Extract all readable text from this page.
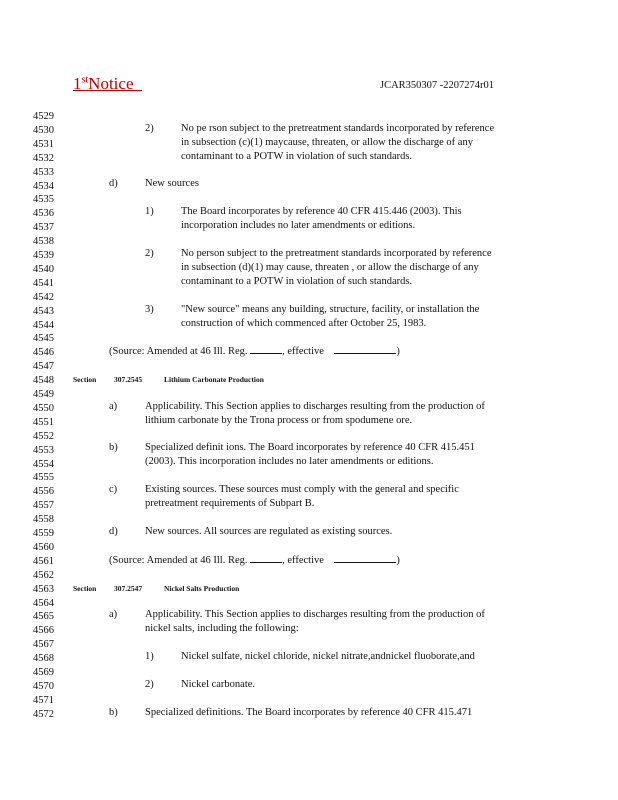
1stNotice	JCAR350307 -2207274r01
4529
4530
4531
4532
4533
4534
4535
4536
4537
4538
4539
4540
4541
4542
4543
4544
4545
4546
4547
4548
4549
4550
4551
4552
4553
4554
4555
4556
4557
4558
4559
4560
4561
4562
4563
4564
4565
4566
4567
4568
4569
4570
4571
4572
2)	No pe rson subject to the pretreatment standards incorporated by reference
in subsection (c)(1) maycause, threaten, or allow the discharge of any
contaminant to a POTW in violation of such standards.
d)	New sources
1)	The Board incorporates by reference 40 CFR 415.446 (2003). This
incorporation includes no later amendments or editions.
2)	No person subject to the pretreatment standards incorporated by reference
in subsection (d)(1) may cause, threaten , or allow the discharge of any
contaminant to a POTW in violation of such standards.
3)	"New source" means any building, structure, facility, or installation the
construction of which commenced after October 25, 1983.
(Source: Amended at 46 Ill. Reg.	, effective	)
Section 307.2545	Lithium Carbonate Production
a)	Applicability. This Section applies to discharges resulting from the production of
lithium carbonate by the Trona process or from spodumene ore.
b)	Specialized definit ions. The Board incorporates by reference 40 CFR 415.451
(2003). This incorporation includes no later amendments or editions.
c)	Existing sources. These sources must comply with the general and specific
pretreatment requirements of Subpart B.
d)	New sources. All sources are regulated as existing sources.
(Source: Amended at 46 Ill. Reg.	, effective	)
Section 307.2547	Nickel Salts Production
a)	Applicability. This Section applies to discharges resulting from the production of
nickel salts, including the following:
1)	Nickel sulfate, nickel chloride, nickel nitrate,andnickel fluoborate,and
2)	Nickel carbonate.
b)	Specialized definitions. The Board incorporates by reference 40 CFR 415.471
